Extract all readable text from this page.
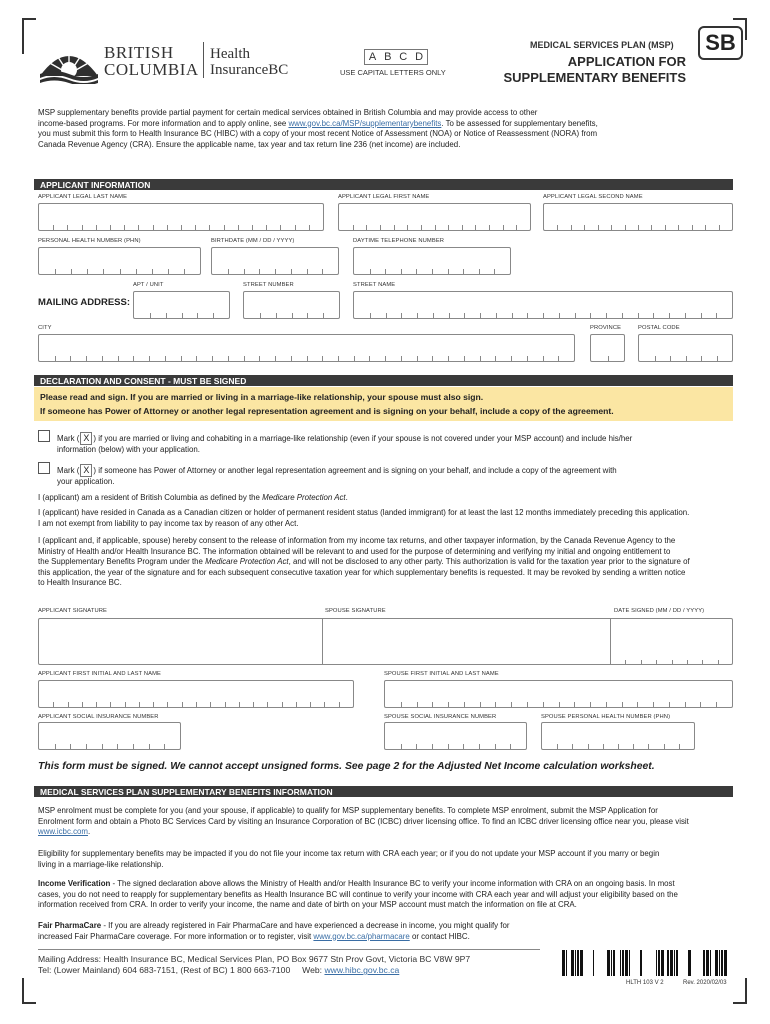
BRITISH
COLUMBIA
Health
InsuranceBC
A B C D
USE CAPITAL LETTERS ONLY
MEDICAL SERVICES PLAN (MSP)
APPLICATION FOR
SUPPLEMENTARY BENEFITS
SB
MSP supplementary benefits provide partial payment for certain medical services obtained in British Columbia and may provide access to other
income-based programs. For more information and to apply online, see www.gov.bc.ca/MSP/supplementarybenefits. To be assessed for supplementary benefits,
you must submit this form to Health Insurance BC (HIBC) with a copy of your most recent Notice of Assessment (NOA) or Notice of Reassessment (NORA) from
Canada Revenue Agency (CRA). Ensure the applicable name, tax year and tax return line 236 (net income) are included.
APPLICANT INFORMATION
APPLICANT LEGAL LAST NAME	APPLICANT LEGAL FIRST NAME	APPLICANT LEGAL SECOND NAME
PERSONAL HEALTH NUMBER (PHN)	BIRTHDATE (MM / DD / YYYY)	DAYTIME TELEPHONE NUMBER
APT / UNIT	STREET NUMBER	STREET NAME
MAILING ADDRESS:
CITY	PROVINCE	POSTAL CODE
DECLARATION AND CONSENT - MUST BE SIGNED
Please read and sign. If you are married or living in a marriage-like relationship, your spouse must also sign.
If someone has Power of Attorney or another legal representation agreement and is signing on your behalf, include a copy of the agreement.
Mark ( X ) if you are married or living and cohabiting in a marriage-like relationship (even if your spouse is not covered under your MSP account) and include his/her
information (below) with your application.
Mark ( X ) if someone has Power of Attorney or another legal representation agreement and is signing on your behalf, and include a copy of the agreement with
your application.
I (applicant) am a resident of British Columbia as defined by the Medicare Protection Act.
I (applicant) have resided in Canada as a Canadian citizen or holder of permanent resident status (landed immigrant) for at least the last 12 months immediately preceding this application.
I am not exempt from liability to pay income tax by reason of any other Act.
I (applicant and, if applicable, spouse) hereby consent to the release of information from my income tax returns, and other taxpayer information, by the Canada Revenue Agency to the
Ministry of Health and/or Health Insurance BC. The information obtained will be relevant to and used for the purpose of determining and verifying my initial and ongoing entitlement to
the Supplementary Benefits Program under the Medicare Protection Act, and will not be disclosed to any other party. This authorization is valid for the taxation year prior to the signature of
this application, the year of the signature and for each subsequent consecutive taxation year for which supplementary benefits is requested. It may be revoked by sending a written notice
to Health Insurance BC.
APPLICANT SIGNATURE	SPOUSE SIGNATURE	DATE SIGNED (MM / DD / YYYY)
APPLICANT FIRST INITIAL AND LAST NAME	SPOUSE FIRST INITIAL AND LAST NAME
APPLICANT SOCIAL INSURANCE NUMBER	SPOUSE SOCIAL INSURANCE NUMBER	SPOUSE PERSONAL HEALTH NUMBER (PHN)
This form must be signed. We cannot accept unsigned forms. See page 2 for the Adjusted Net Income calculation worksheet.
MEDICAL SERVICES PLAN SUPPLEMENTARY BENEFITS INFORMATION
MSP enrolment must be complete for you (and your spouse, if applicable) to qualify for MSP supplementary benefits. To complete MSP enrolment, submit the MSP Application for
Enrolment form and obtain a Photo BC Services Card by visiting an Insurance Corporation of BC (ICBC) driver licensing office. To find an ICBC driver licensing office near you, please visit
www.icbc.com.
Eligibility for supplementary benefits may be impacted if you do not file your income tax return with CRA each year; or if you do not update your MSP account if you marry or begin
living in a marriage-like relationship.
Income Verification - The signed declaration above allows the Ministry of Health and/or Health Insurance BC to verify your income information with CRA on an ongoing basis. In most
cases, you do not need to reapply for supplementary benefits as Health Insurance BC will continue to verify your income with CRA each year and will adjust your eligibility based on the
information received from CRA. In order to verify your income, the name and date of birth on your MSP account must match the information on file at CRA.
Fair PharmaCare - If you are already registered in Fair PharmaCare and have experienced a decrease in income, you might qualify for
increased Fair PharmaCare coverage. For more information or to register, visit www.gov.bc.ca/pharmacare or contact HIBC.
Mailing Address: Health Insurance BC, Medical Services Plan, PO Box 9677 Stn Prov Govt, Victoria BC V8W 9P7
Tel: (Lower Mainland) 604 683-7151, (Rest of BC) 1 800 663-7100     Web: www.hibc.gov.bc.ca
HLTH 103 V 2	Rev. 2020/02/03
